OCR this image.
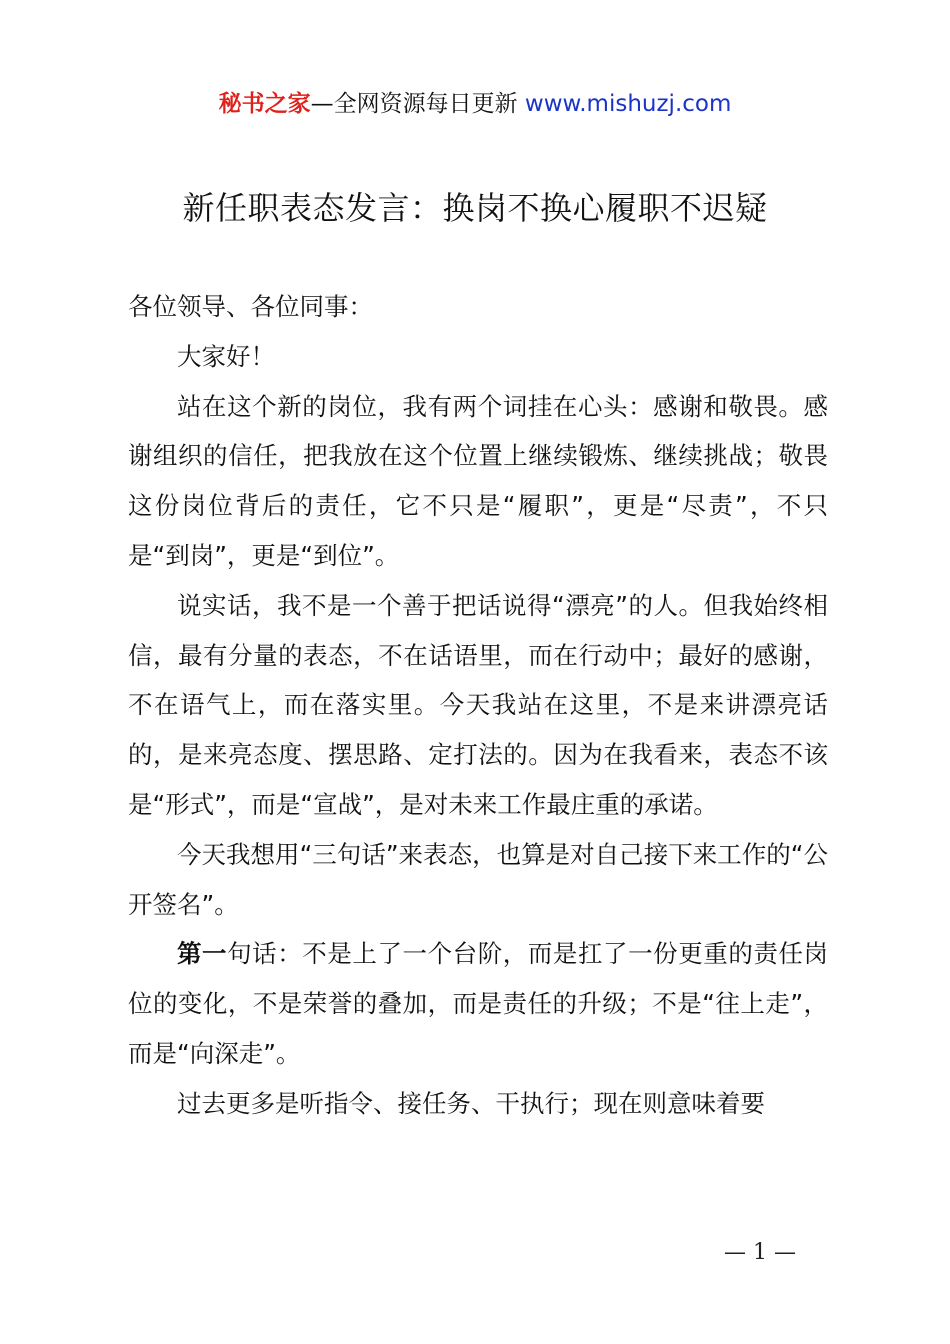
秘书之家—全网资源每日更新 www.mishuzj.com
新任职表态发言：换岗不换心履职不迟疑

各位领导、各位同事：

大家好！

站在这个新的岗位，我有两个词挂在心头：感谢和敬畏。感谢组织的信任，把我放在这个位置上继续锻炼、继续挑战；敬畏这份岗位背后的责任，它不只是“履职”，更是“尽责”，不只是“到岗”，更是“到位”。

说实话，我不是一个善于把话说得“漂亮”的人。但我始终相信，最有分量的表态，不在话语里，而在行动中；最好的感谢，不在语气上，而在落实里。今天我站在这里，不是来讲漂亮话的，是来亮态度、摆思路、定打法的。因为在我看来，表态不该是“形式”，而是“宣战”，是对未来工作最庄重的承诺。

今天我想用“三句话”来表态，也算是对自己接下来工作的“公开签名”。

第一句话：不是上了一个台阶，而是扛了一份更重的责任岗位的变化，不是荣誉的叠加，而是责任的升级；不是“往上走”，而是“向深走”。

过去更多是听指令、接任务、干执行；现在则意味着要

— 1 —
